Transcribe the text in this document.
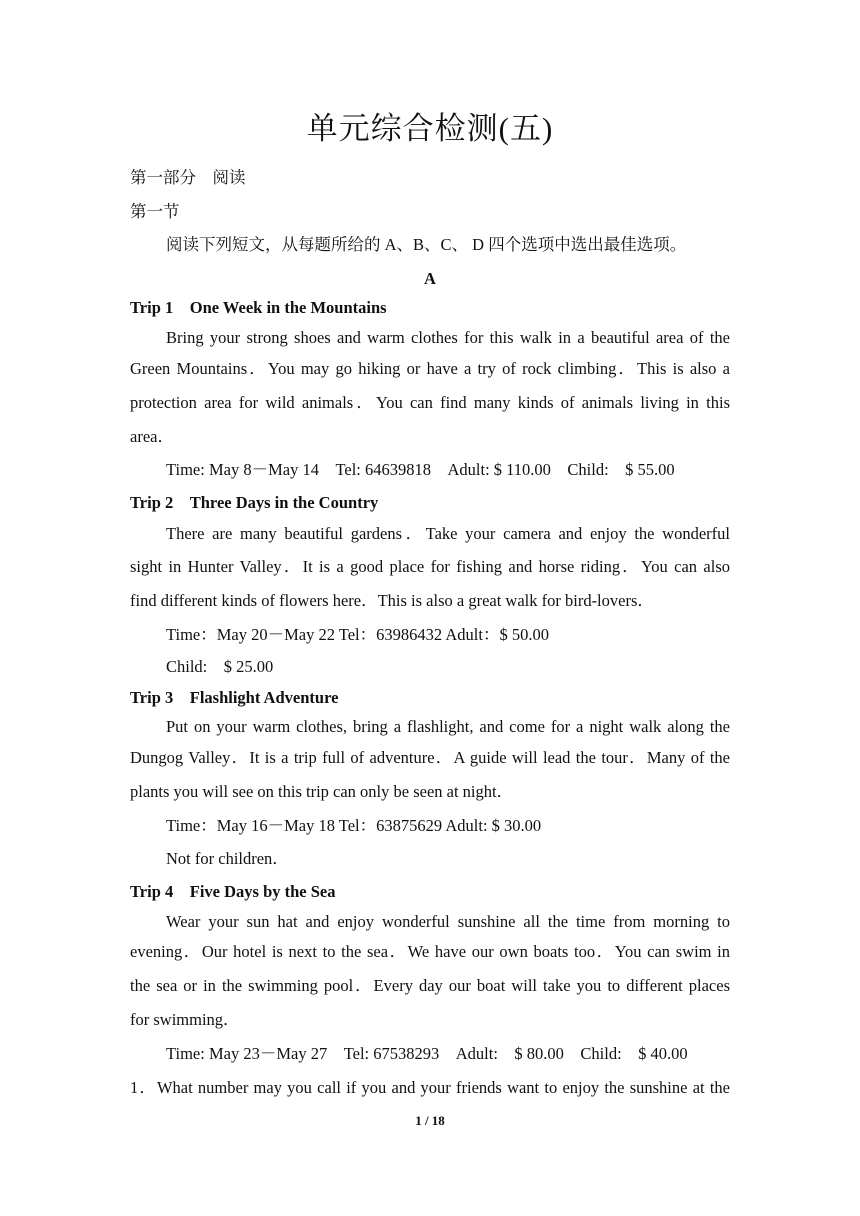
单元综合检测(五)
第一部分　阅读
第一节
阅读下列短文，从每题所给的 A、B、C、 D 四个选项中选出最佳选项。
A
Trip 1　One Week in the Mountains
Bring your strong shoes and warm clothes for this walk in a beautiful area of the
Green Mountains．You may go hiking or have a try of rock climbing．This is also a
protection area for wild animals．You can find many kinds of animals living in this
area．
Time: May 8－May 14　Tel: 64639818　Adult: $ 110.00　Child:　$ 55.00
Trip 2　Three Days in the Country
There are many beautiful gardens．Take your camera and enjoy the wonderful
sight in Hunter Valley．It is a good place for fishing and horse riding．You can also
find different kinds of flowers here．This is also a great walk for bird-lovers．
Time：May 20－May 22 Tel：63986432 Adult：$ 50.00
Child:　$ 25.00
Trip 3　Flashlight Adventure
Put on your warm clothes, bring a flashlight, and come for a night walk along the
Dungog Valley．It is a trip full of adventure．A guide will lead the tour．Many of the
plants you will see on this trip can only be seen at night．
Time：May 16－May 18 Tel：63875629 Adult: $ 30.00
Not for children．
Trip 4　Five Days by the Sea
Wear your sun hat and enjoy wonderful sunshine all the time from morning to
evening．Our hotel is next to the sea．We have our own boats too．You can swim in
the sea or in the swimming pool．Every day our boat will take you to different places
for swimming．
Time: May 23－May 27　Tel: 67538293　Adult:　$ 80.00　Child:　$ 40.00
1．What number may you call if you and your friends want to enjoy the sunshine at the
1 / 18
